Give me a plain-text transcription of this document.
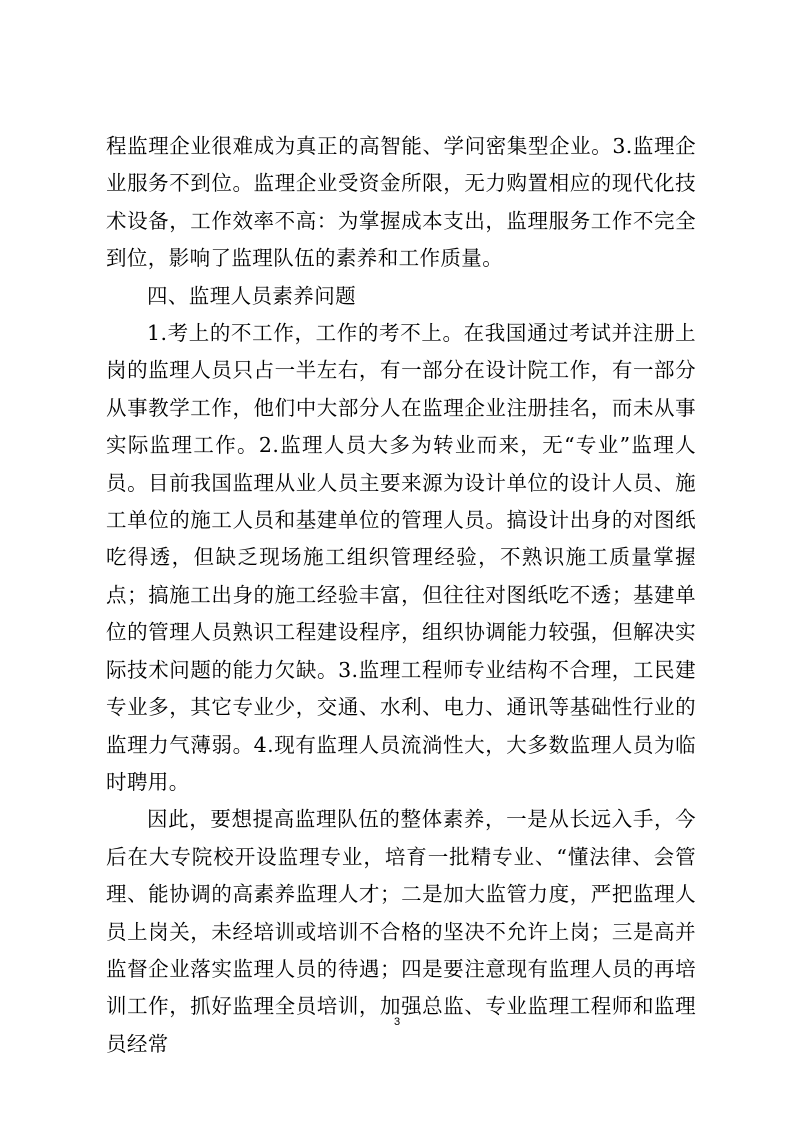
程监理企业很难成为真正的高智能、学问密集型企业。3.监理企业服务不到位。监理企业受资金所限，无力购置相应的现代化技术设备，工作效率不高：为掌握成本支出，监理服务工作不完全到位，影响了监理队伍的素养和工作质量。

四、监理人员素养问题

1.考上的不工作，工作的考不上。在我国通过考试并注册上岗的监理人员只占一半左右，有一部分在设计院工作，有一部分从事教学工作，他们中大部分人在监理企业注册挂名，而未从事实际监理工作。2.监理人员大多为转业而来，无“专业”监理人员。目前我国监理从业人员主要来源为设计单位的设计人员、施工单位的施工人员和基建单位的管理人员。搞设计出身的对图纸吃得透，但缺乏现场施工组织管理经验，不熟识施工质量掌握点；搞施工出身的施工经验丰富，但往往对图纸吃不透；基建单位的管理人员熟识工程建设程序，组织协调能力较强，但解决实际技术问题的能力欠缺。3.监理工程师专业结构不合理，工民建专业多，其它专业少，交通、水利、电力、通讯等基础性行业的监理力气薄弱。4.现有监理人员流淌性大，大多数监理人员为临时聘用。

因此，要想提高监理队伍的整体素养，一是从长远入手，今后在大专院校开设监理专业，培育一批精专业、“懂法律、会管理、能协调的高素养监理人才；二是加大监管力度，严把监理人员上岗关，未经培训或培训不合格的坚决不允许上岗；三是高并监督企业落实监理人员的待遇；四是要注意现有监理人员的再培训工作，抓好监理全员培训，加强总监、专业监理工程师和监理员经常

3
